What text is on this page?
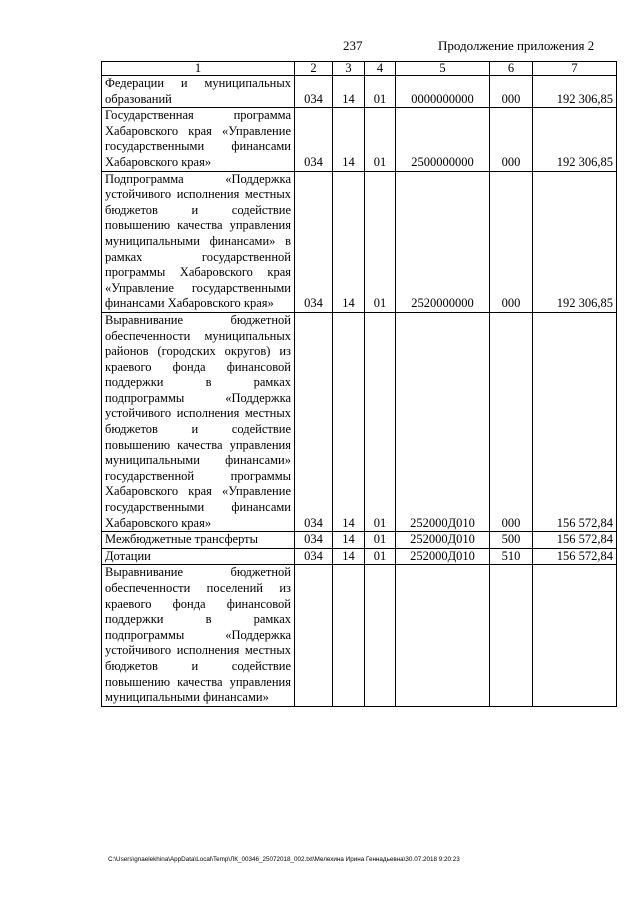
237	Продолжение приложения 2
1	2	3	4	5	6	7
Федерации и муниципальных образований	034	14	01	0000000000	000	192 306,85
Государственная программа Хабаровского края «Управление государственными финансами Хабаровского края»	034	14	01	2500000000	000	192 306,85
Подпрограмма «Поддержка устойчивого исполнения местных бюджетов и содействие повышению качества управления муниципальными финансами» в рамках государственной программы Хабаровского края «Управление государственными финансами Хабаровского края»	034	14	01	2520000000	000	192 306,85
Выравнивание бюджетной обеспеченности муниципальных районов (городских округов) из краевого фонда финансовой поддержки в рамках подпрограммы «Поддержка устойчивого исполнения местных бюджетов и содействие повышению качества управления муниципальными финансами» государственной программы Хабаровского края «Управление государственными финансами Хабаровского края»	034	14	01	252000Д010	000	156 572,84
Межбюджетные трансферты	034	14	01	252000Д010	500	156 572,84
Дотации	034	14	01	252000Д010	510	156 572,84
Выравнивание бюджетной обеспеченности поселений из краевого фонда финансовой поддержки в рамках подпрограммы «Поддержка устойчивого исполнения местных бюджетов и содействие повышению качества управления муниципальными финансами»						
C:\Users\gnaelekhina\AppData\Local\Temp\ЛК_00346_25072018_002.txt\Мелехина Ирина Геннадьевна\30.07.2018 9:20:23
